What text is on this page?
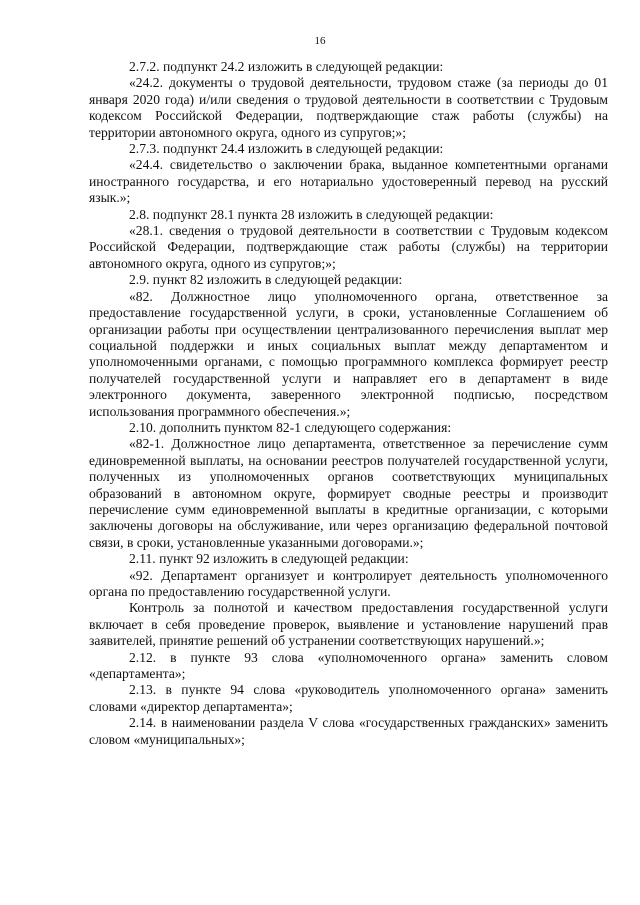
16

2.7.2. подпункт 24.2 изложить в следующей редакции:

«24.2. документы о трудовой деятельности, трудовом стаже (за периоды до 01 января 2020 года) и/или сведения о трудовой деятельности в соответствии с Трудовым кодексом Российской Федерации, подтверждающие стаж работы (службы) на территории автономного округа, одного из супругов;»;

2.7.3. подпункт 24.4 изложить в следующей редакции:

«24.4. свидетельство о заключении брака, выданное компетентными органами иностранного государства, и его нотариально удостоверенный перевод на русский язык.»;

2.8. подпункт 28.1 пункта 28 изложить в следующей редакции:

«28.1. сведения о трудовой деятельности в соответствии с Трудовым кодексом Российской Федерации, подтверждающие стаж работы (службы) на территории автономного округа, одного из супругов;»;

2.9. пункт 82 изложить в следующей редакции:

«82. Должностное лицо уполномоченного органа, ответственное за предоставление государственной услуги, в сроки, установленные Соглашением об организации работы при осуществлении централизованного перечисления выплат мер социальной поддержки и иных социальных выплат между департаментом и уполномоченными органами, с помощью программного комплекса формирует реестр получателей государственной услуги и направляет его в департамент в виде электронного документа, заверенного электронной подписью, посредством использования программного обеспечения.»;

2.10. дополнить пунктом 82-1 следующего содержания:

«82-1. Должностное лицо департамента, ответственное за перечисление сумм единовременной выплаты, на основании реестров получателей государственной услуги, полученных из уполномоченных органов соответствующих муниципальных образований в автономном округе, формирует сводные реестры и производит перечисление сумм единовременной выплаты в кредитные организации, с которыми заключены договоры на обслуживание, или через организацию федеральной почтовой связи, в сроки, установленные указанными договорами.»;

2.11. пункт 92 изложить в следующей редакции:

«92. Департамент организует и контролирует деятельность уполномоченного органа по предоставлению государственной услуги.

Контроль за полнотой и качеством предоставления государственной услуги включает в себя проведение проверок, выявление и установление нарушений прав заявителей, принятие решений об устранении соответствующих нарушений.»;

2.12. в пункте 93 слова «уполномоченного органа» заменить словом «департамента»;

2.13. в пункте 94 слова «руководитель уполномоченного органа» заменить словами «директор департамента»;

2.14. в наименовании раздела V слова «государственных гражданских» заменить словом «муниципальных»;
